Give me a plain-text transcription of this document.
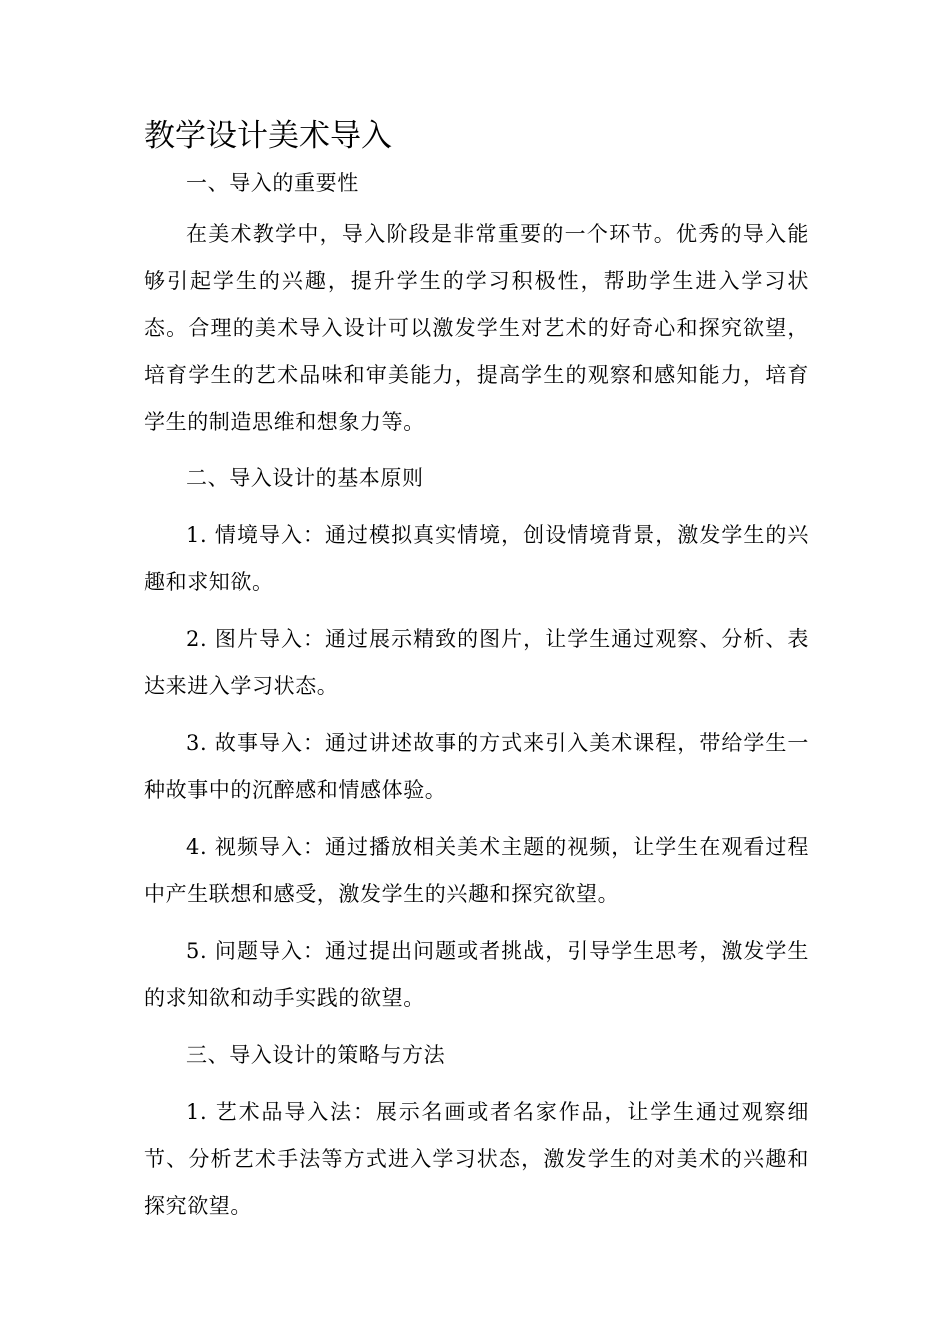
教学设计美术导入

一、导入的重要性

在美术教学中，导入阶段是非常重要的一个环节。优秀的导入能够引起学生的兴趣，提升学生的学习积极性，帮助学生进入学习状态。合理的美术导入设计可以激发学生对艺术的好奇心和探究欲望，培育学生的艺术品味和审美能力，提高学生的观察和感知能力，培育学生的制造思维和想象力等。

二、导入设计的基本原则

1. 情境导入：通过模拟真实情境，创设情境背景，激发学生的兴趣和求知欲。

2. 图片导入：通过展示精致的图片，让学生通过观察、分析、表达来进入学习状态。

3. 故事导入：通过讲述故事的方式来引入美术课程，带给学生一种故事中的沉醉感和情感体验。

4. 视频导入：通过播放相关美术主题的视频，让学生在观看过程中产生联想和感受，激发学生的兴趣和探究欲望。

5. 问题导入：通过提出问题或者挑战，引导学生思考，激发学生的求知欲和动手实践的欲望。

三、导入设计的策略与方法

1. 艺术品导入法：展示名画或者名家作品，让学生通过观察细节、分析艺术手法等方式进入学习状态，激发学生的对美术的兴趣和探究欲望。
